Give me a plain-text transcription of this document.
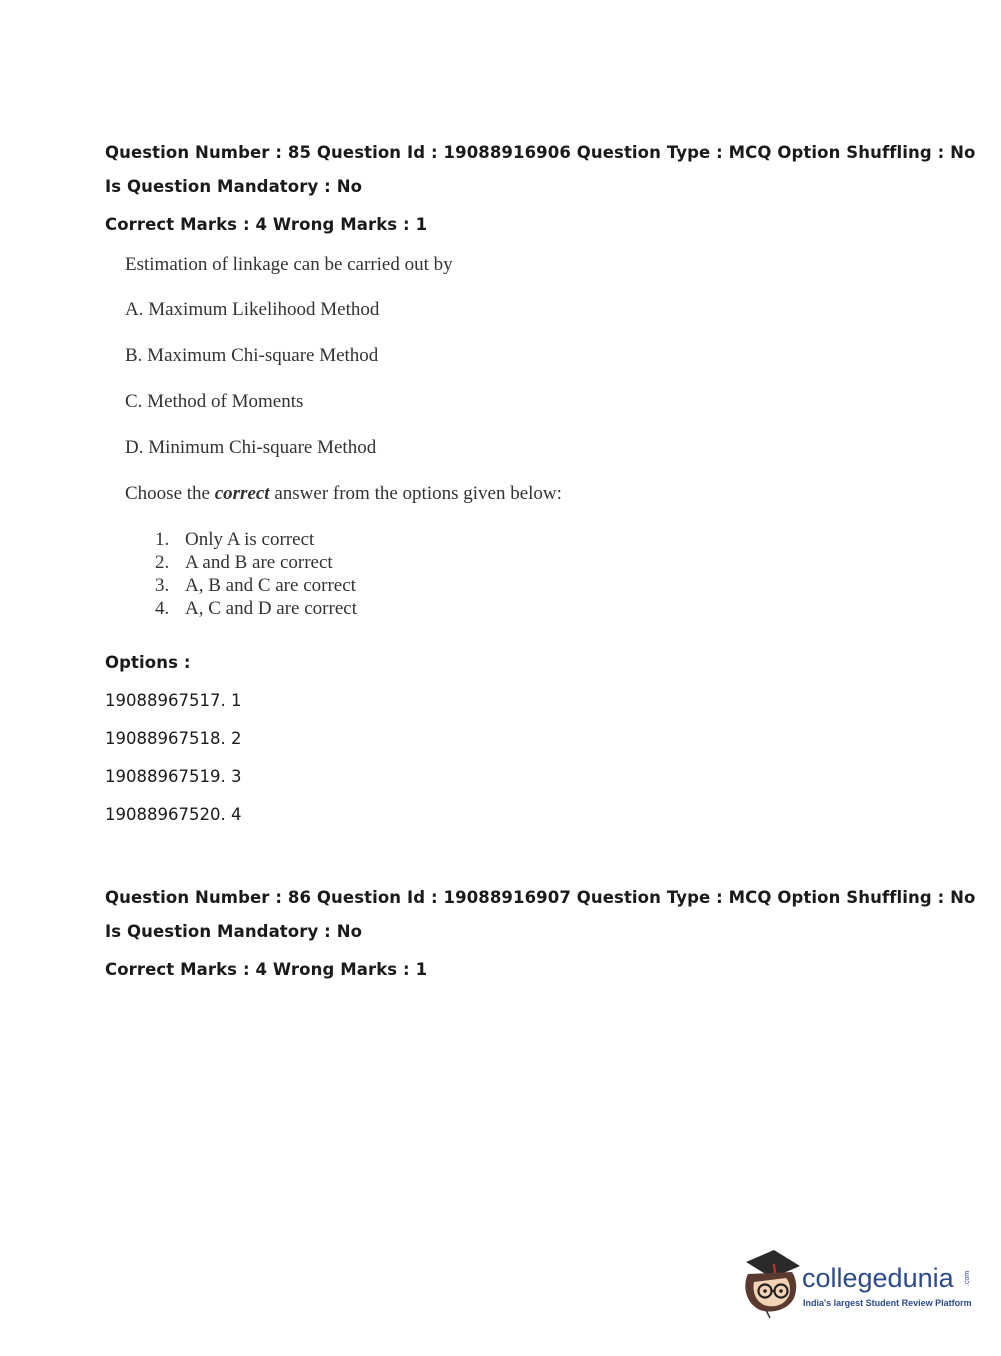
Question Number : 85 Question Id : 19088916906 Question Type : MCQ Option Shuffling : No

Is Question Mandatory : No

Correct Marks : 4 Wrong Marks : 1

Estimation of linkage can be carried out by

A. Maximum Likelihood Method

B. Maximum Chi-square Method

C. Method of Moments

D. Minimum Chi-square Method

Choose the correct answer from the options given below:

1. Only A is correct
2. A and B are correct
3. A, B and C are correct
4. A, C and D are correct

Options :

19088967517. 1

19088967518. 2

19088967519. 3

19088967520. 4

Question Number : 86 Question Id : 19088916907 Question Type : MCQ Option Shuffling : No

Is Question Mandatory : No

Correct Marks : 4 Wrong Marks : 1

collegedunia .com
India's largest Student Review Platform
